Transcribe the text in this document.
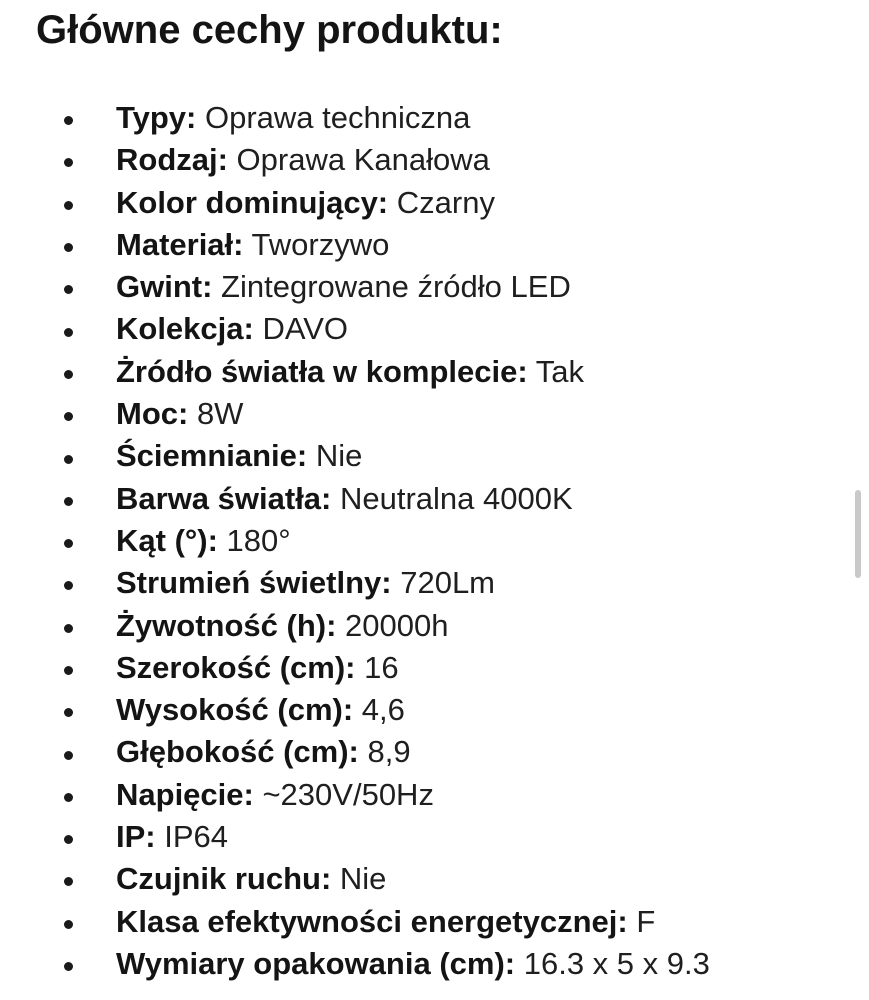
Główne cechy produktu:
Typy: Oprawa techniczna
Rodzaj: Oprawa Kanałowa
Kolor dominujący: Czarny
Materiał: Tworzywo
Gwint: Zintegrowane źródło LED
Kolekcja: DAVO
Żródło światła w komplecie: Tak
Moc: 8W
Ściemnianie: Nie
Barwa światła: Neutralna 4000K
Kąt (°): 180°
Strumień świetlny: 720Lm
Żywotność (h): 20000h
Szerokość (cm): 16
Wysokość (cm): 4,6
Głębokość (cm): 8,9
Napięcie: ~230V/50Hz
IP: IP64
Czujnik ruchu: Nie
Klasa efektywności energetycznej: F
Wymiary opakowania (cm): 16.3 x 5 x 9.3
